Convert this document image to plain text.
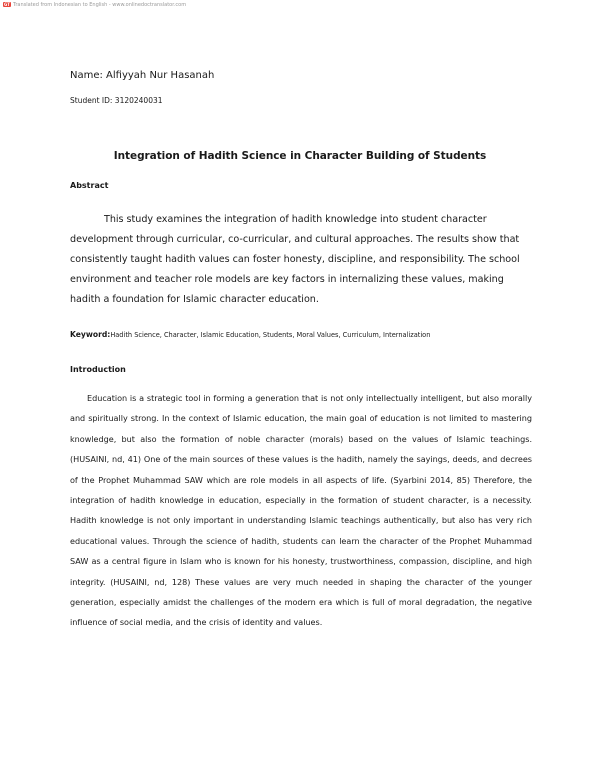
GT Translated from Indonesian to English - www.onlinedoctranslator.com

Name: Alfiyyah Nur Hasanah

Student ID: 3120240031

Integration of Hadith Science in Character Building of Students
Abstract

This study examines the integration of hadith knowledge into student character development through curricular, co-curricular, and cultural approaches. The results show that consistently taught hadith values can foster honesty, discipline, and responsibility. The school environment and teacher role models are key factors in internalizing these values, making hadith a foundation for Islamic character education.

Keyword:Hadith Science, Character, Islamic Education, Students, Moral Values, Curriculum, Internalization

Introduction

Education is a strategic tool in forming a generation that is not only intellectually intelligent, but also morally and spiritually strong. In the context of Islamic education, the main goal of education is not limited to mastering knowledge, but also the formation of noble character (morals) based on the values of Islamic teachings. (HUSAINI, nd, 41) One of the main sources of these values is the hadith, namely the sayings, deeds, and decrees of the Prophet Muhammad SAW which are role models in all aspects of life. (Syarbini 2014, 85) Therefore, the integration of hadith knowledge in education, especially in the formation of student character, is a necessity. Hadith knowledge is not only important in understanding Islamic teachings authentically, but also has very rich educational values. Through the science of hadith, students can learn the character of the Prophet Muhammad SAW as a central figure in Islam who is known for his honesty, trustworthiness, compassion, discipline, and high integrity. (HUSAINI, nd, 128) These values are very much needed in shaping the character of the younger generation, especially amidst the challenges of the modern era which is full of moral degradation, the negative influence of social media, and the crisis of identity and values.
